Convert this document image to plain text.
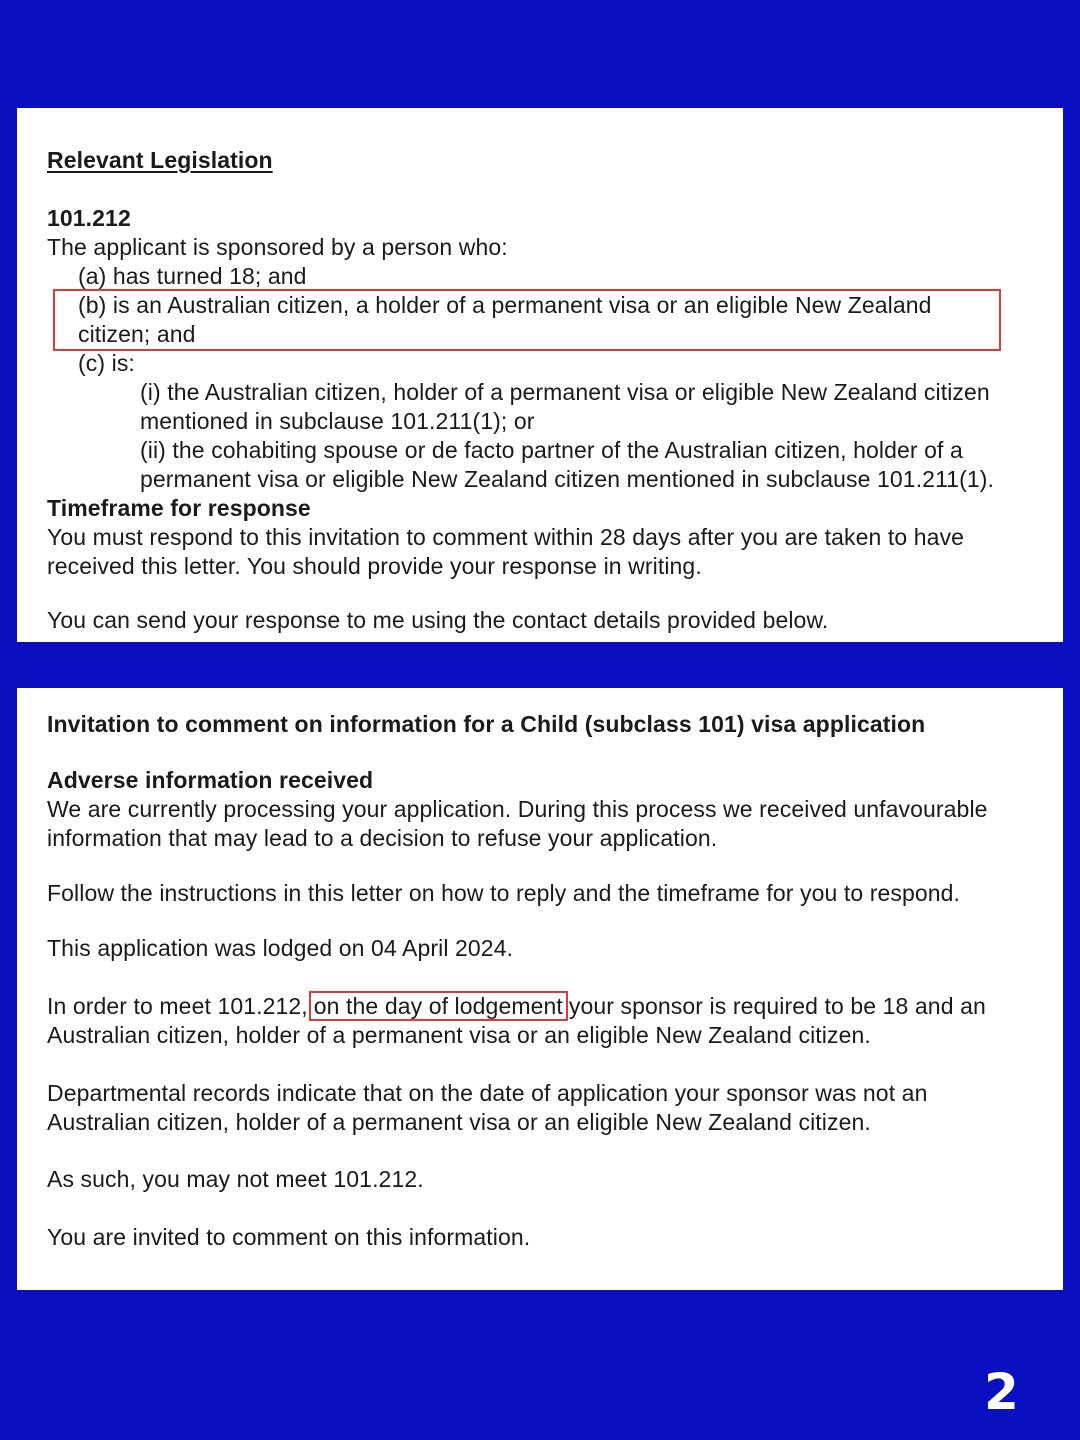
Relevant Legislation
101.212
The applicant is sponsored by a person who:
(a) has turned 18; and
(b) is an Australian citizen, a holder of a permanent visa or an eligible New Zealand
citizen; and
(c) is:
(i) the Australian citizen, holder of a permanent visa or eligible New Zealand citizen
mentioned in subclause 101.211(1); or
(ii) the cohabiting spouse or de facto partner of the Australian citizen, holder of a
permanent visa or eligible New Zealand citizen mentioned in subclause 101.211(1).
Timeframe for response
You must respond to this invitation to comment within 28 days after you are taken to have
received this letter. You should provide your response in writing.
You can send your response to me using the contact details provided below.
Invitation to comment on information for a Child (subclass 101) visa application
Adverse information received
We are currently processing your application. During this process we received unfavourable
information that may lead to a decision to refuse your application.
Follow the instructions in this letter on how to reply and the timeframe for you to respond.
This application was lodged on 04 April 2024.
In order to meet 101.212, on the day of lodgement your sponsor is required to be 18 and an
Australian citizen, holder of a permanent visa or an eligible New Zealand citizen.
Departmental records indicate that on the date of application your sponsor was not an
Australian citizen, holder of a permanent visa or an eligible New Zealand citizen.
As such, you may not meet 101.212.
You are invited to comment on this information.
2
